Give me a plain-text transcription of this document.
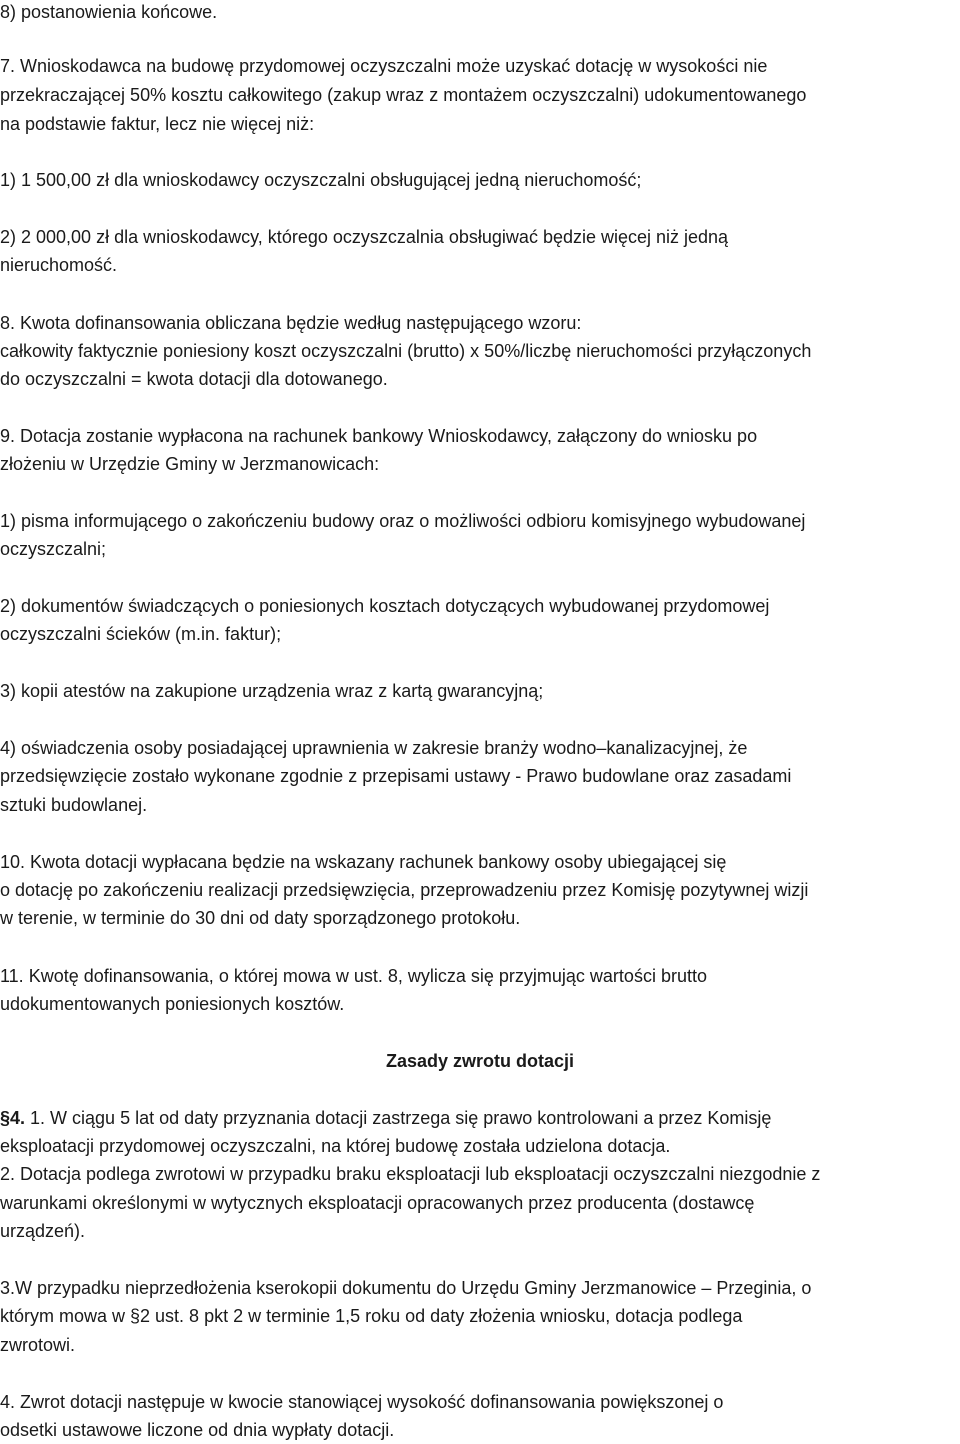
8) postanowienia końcowe.
7. Wnioskodawca na budowę przydomowej oczyszczalni może uzyskać dotację w wysokości nie
przekraczającej 50% kosztu całkowitego (zakup wraz z montażem oczyszczalni) udokumentowanego
na podstawie faktur, lecz nie więcej niż:
1) 1 500,00 zł dla wnioskodawcy oczyszczalni obsługującej jedną nieruchomość;
2) 2 000,00 zł dla wnioskodawcy, którego oczyszczalnia obsługiwać będzie więcej niż jedną
nieruchomość.
8. Kwota dofinansowania obliczana będzie według następującego wzoru:
całkowity faktycznie poniesiony koszt oczyszczalni (brutto) x 50%/liczbę nieruchomości przyłączonych
do oczyszczalni = kwota dotacji dla dotowanego.
9. Dotacja zostanie wypłacona na rachunek bankowy Wnioskodawcy, załączony do wniosku po
złożeniu w Urzędzie Gminy w Jerzmanowicach:
1) pisma informującego o zakończeniu budowy oraz o możliwości odbioru komisyjnego wybudowanej
oczyszczalni;
2) dokumentów świadczących o poniesionych kosztach dotyczących wybudowanej przydomowej
oczyszczalni ścieków (m.in. faktur);
3) kopii atestów na zakupione urządzenia wraz z kartą gwarancyjną;
4) oświadczenia osoby posiadającej uprawnienia w zakresie branży wodno–kanalizacyjnej, że
przedsięwzięcie zostało wykonane zgodnie z przepisami ustawy - Prawo budowlane oraz zasadami
sztuki budowlanej.
10. Kwota dotacji wypłacana będzie na wskazany rachunek bankowy osoby ubiegającej się
o dotację po zakończeniu realizacji przedsięwzięcia, przeprowadzeniu przez Komisję pozytywnej wizji
w terenie, w terminie do 30 dni od daty sporządzonego protokołu.
11. Kwotę dofinansowania, o której mowa w ust. 8, wylicza się przyjmując wartości brutto
udokumentowanych poniesionych kosztów.
Zasady zwrotu dotacji
§4. 1. W ciągu 5 lat od daty przyznania dotacji zastrzega się prawo kontrolowani a przez Komisję
eksploatacji przydomowej oczyszczalni, na której budowę została udzielona dotacja.
2. Dotacja podlega zwrotowi w przypadku braku eksploatacji lub eksploatacji oczyszczalni niezgodnie z
warunkami określonymi w wytycznych eksploatacji opracowanych przez producenta (dostawcę
urządzeń).
3.W przypadku nieprzedłożenia kserokopii dokumentu do Urzędu Gminy Jerzmanowice – Przeginia, o
którym mowa w §2 ust. 8 pkt 2 w terminie 1,5 roku od daty złożenia wniosku, dotacja podlega
zwrotowi.
4. Zwrot dotacji następuje w kwocie stanowiącej wysokość dofinansowania powiększonej o
odsetki ustawowe liczone od dnia wypłaty dotacji.
